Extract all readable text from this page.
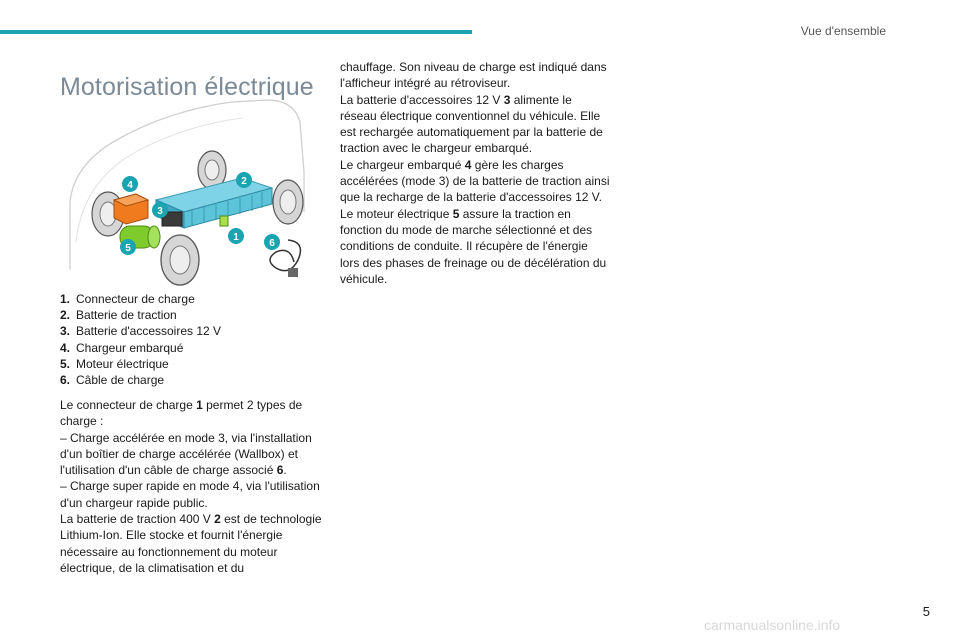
Vue d'ensemble
Motorisation électrique
1
2
3
4
5	6
1. Connecteur de charge
2. Batterie de traction
3. Batterie d'accessoires 12 V
4. Chargeur embarqué
5. Moteur électrique
6. Câble de charge

Le connecteur de charge 1 permet 2 types de charge :

– Charge accélérée en mode 3, via l'installation d'un boîtier de charge accélérée (Wallbox) et l'utilisation d'un câble de charge associé 6.

– Charge super rapide en mode 4, via l'utilisation d'un chargeur rapide public.

La batterie de traction 400 V 2 est de technologie Lithium-Ion. Elle stocke et fournit l'énergie nécessaire au fonctionnement du moteur électrique, de la climatisation et du

chauffage. Son niveau de charge est indiqué dans l'afficheur intégré au rétroviseur.

La batterie d'accessoires 12 V 3 alimente le réseau électrique conventionnel du véhicule. Elle est rechargée automatiquement par la batterie de traction avec le chargeur embarqué.

Le chargeur embarqué 4 gère les charges accélérées (mode 3) de la batterie de traction ainsi que la recharge de la batterie d'accessoires 12 V.

Le moteur électrique 5 assure la traction en fonction du mode de marche sélectionné et des conditions de conduite. Il récupère de l'énergie lors des phases de freinage ou de décélération du véhicule.

5
carmanualsonline.info
